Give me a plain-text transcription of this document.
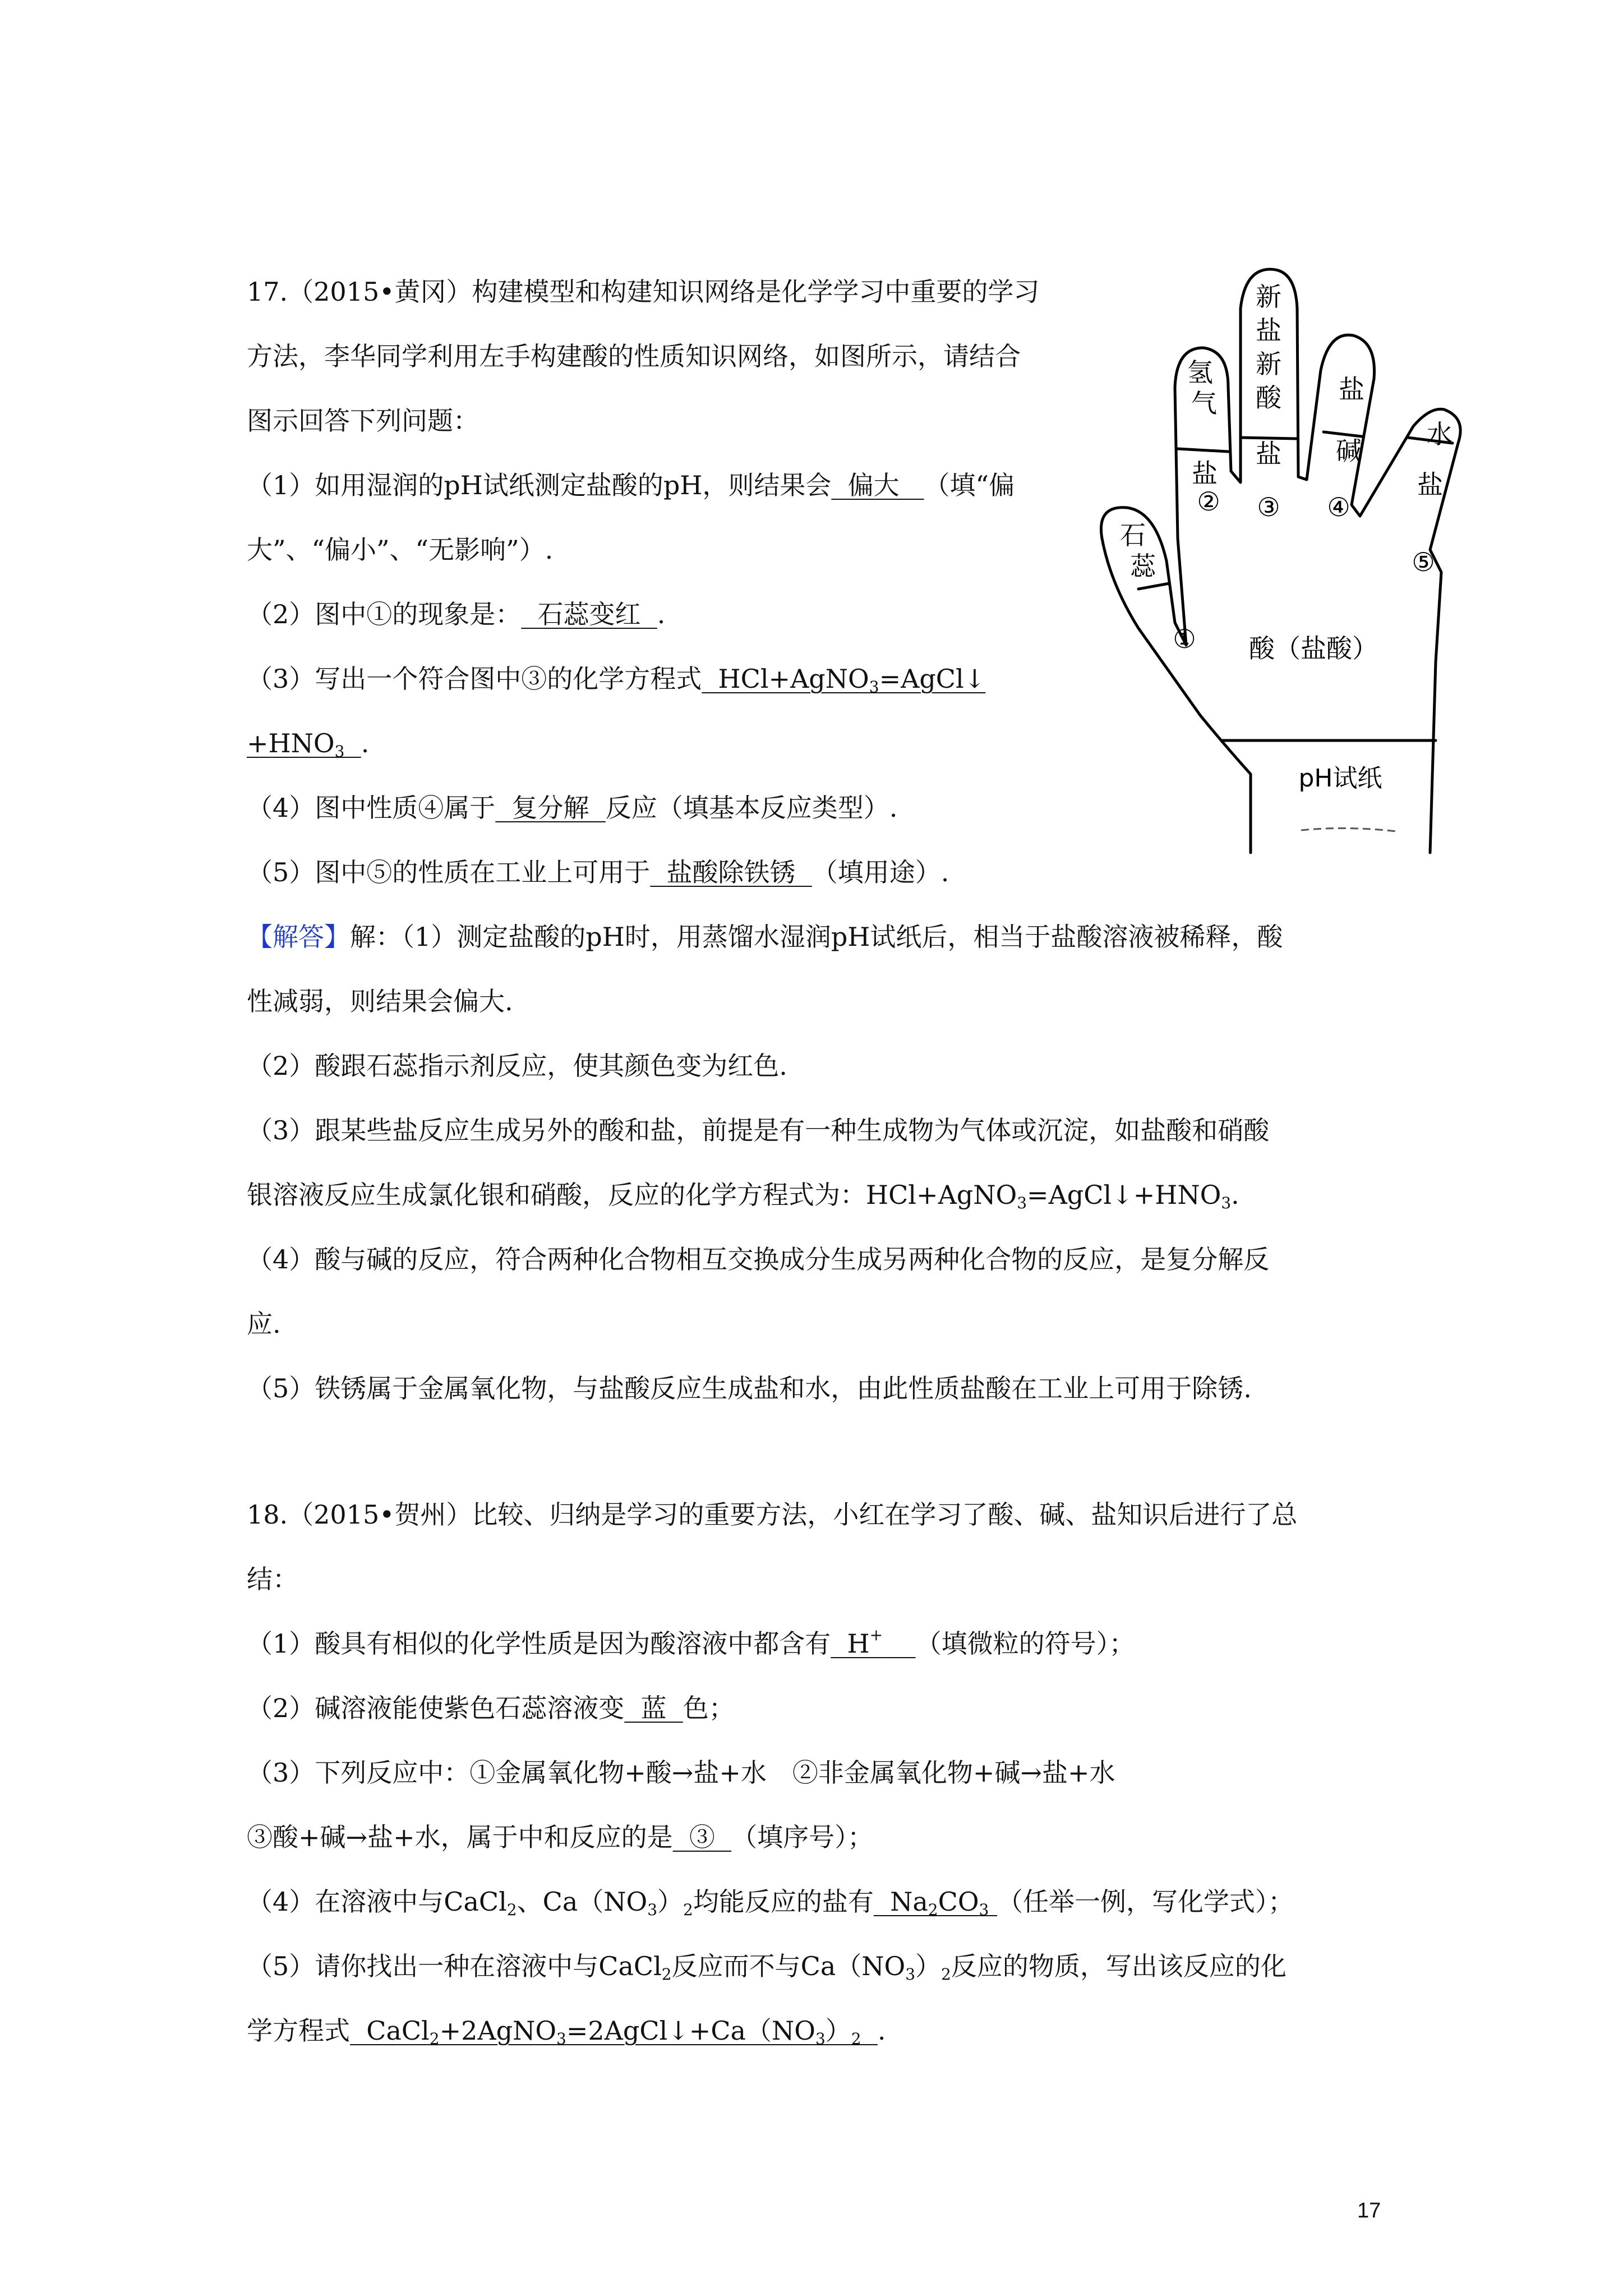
17.（2015•黄冈）构建模型和构建知识网络是化学学习中重要的学习
方法，李华同学利用左手构建酸的性质知识网络，如图所示，请结合
图示回答下列问题：
（1）如用湿润的pH试纸测定盐酸的pH，则结果会  偏大   （填“偏
大”、“偏小”、“无影响”）.
（2）图中①的现象是：  石蕊变红  .
（3）写出一个符合图中③的化学方程式  HCl+AgNO$_3$=AgCl↓
$+HNO_3$ .
（4）图中性质④属于  复分解  反应（填基本反应类型）.
（5）图中⑤的性质在工业上可用于  盐酸除铁锈  （填用途）.
【解答】解：（1）测定盐酸的pH时，用蒸馏水湿润pH试纸后，相当于盐酸溶液被稀释，酸
性减弱，则结果会偏大.
（2）酸跟石蕊指示剂反应，使其颜色变为红色.
（3）跟某些盐反应生成另外的酸和盐，前提是有一种生成物为气体或沉淀，如盐酸和硝酸
银溶液反应生成氯化银和硝酸，反应的化学方程式为：$HCl+AgNO_3=AgCl↓+HNO_3$.
（4）酸与碱的反应，符合两种化合物相互交换成分生成另两种化合物的反应，是复分解反
应.
（5）铁锈属于金属氧化物，与盐酸反应生成盐和水，由此性质盐酸在工业上可用于除锈.
氢
气
盐
新
盐
新
酸
盐
盐
碱
水
盐
石
蕊
①
② ③ ④
⑤
酸（盐酸）
pH试纸
18.（2015•贺州）比较、归纳是学习的重要方法，小红在学习了酸、碱、盐知识后进行了总
结：
（1）酸具有相似的化学性质是因为酸溶液中都含有  H+ （填微粒的符号）；
（2）碱溶液能使紫色石蕊溶液变  蓝  色；
（3）下列反应中：①金属氧化物+酸→盐+水　②非金属氧化物+碱→盐+水
③酸+碱→盐+水，属于中和反应的是  ③  （填序号）；
（4）在溶液中与CaCl$_2$、$Ca(NO_3)_2$均能反应的盐有  $Na_2CO_3$ （任举一例，写化学式）；
（5）请你找出一种在溶液中与CaCl$_2$反应而不与$Ca(NO_3)_2$反应的物质，写出该反应的化
学方程式  $CaCl_2+2AgNO_3=2AgCl↓+Ca(NO_3)_2$ .
17
